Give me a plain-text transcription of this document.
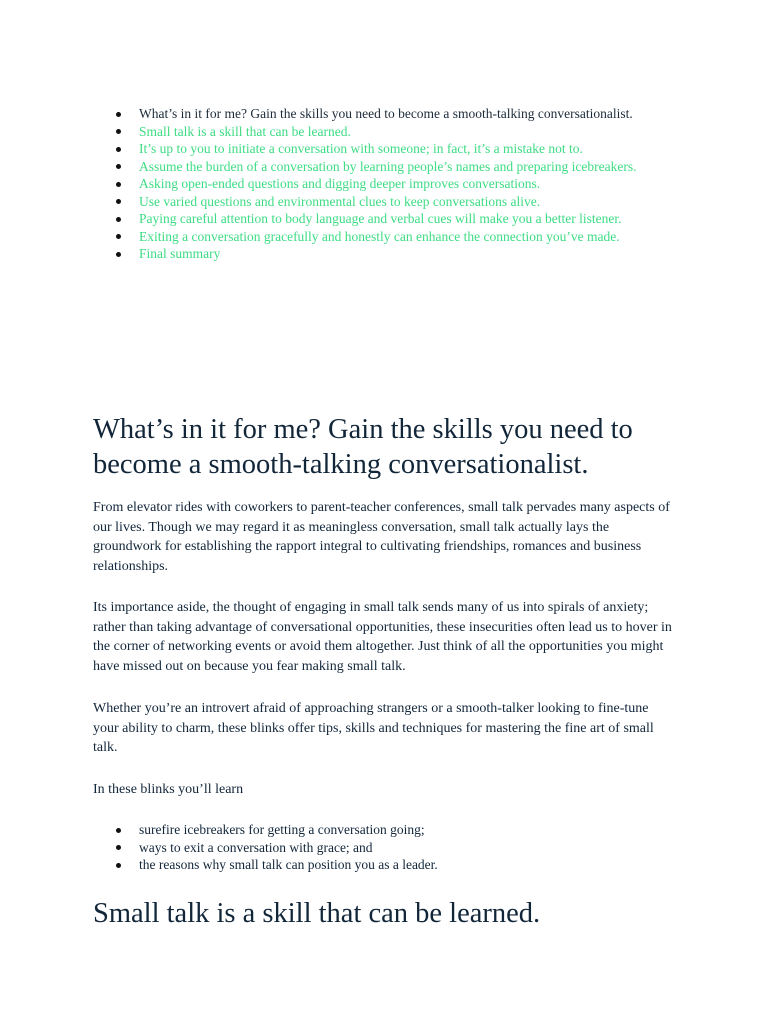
What’s in it for me? Gain the skills you need to become a smooth-talking conversationalist.
Small talk is a skill that can be learned.
It’s up to you to initiate a conversation with someone; in fact, it’s a mistake not to.
Assume the burden of a conversation by learning people’s names and preparing icebreakers.
Asking open-ended questions and digging deeper improves conversations.
Use varied questions and environmental clues to keep conversations alive.
Paying careful attention to body language and verbal cues will make you a better listener.
Exiting a conversation gracefully and honestly can enhance the connection you’ve made.
Final summary
What’s in it for me? Gain the skills you need to become a smooth-talking conversationalist.

From elevator rides with coworkers to parent-teacher conferences, small talk pervades many aspects of our lives. Though we may regard it as meaningless conversation, small talk actually lays the groundwork for establishing the rapport integral to cultivating friendships, romances and business relationships.

Its importance aside, the thought of engaging in small talk sends many of us into spirals of anxiety; rather than taking advantage of conversational opportunities, these insecurities often lead us to hover in the corner of networking events or avoid them altogether. Just think of all the opportunities you might have missed out on because you fear making small talk.

Whether you’re an introvert afraid of approaching strangers or a smooth-talker looking to fine-tune your ability to charm, these blinks offer tips, skills and techniques for mastering the fine art of small talk.

In these blinks you’ll learn

surefire icebreakers for getting a conversation going;
ways to exit a conversation with grace; and
the reasons why small talk can position you as a leader.
Small talk is a skill that can be learned.
